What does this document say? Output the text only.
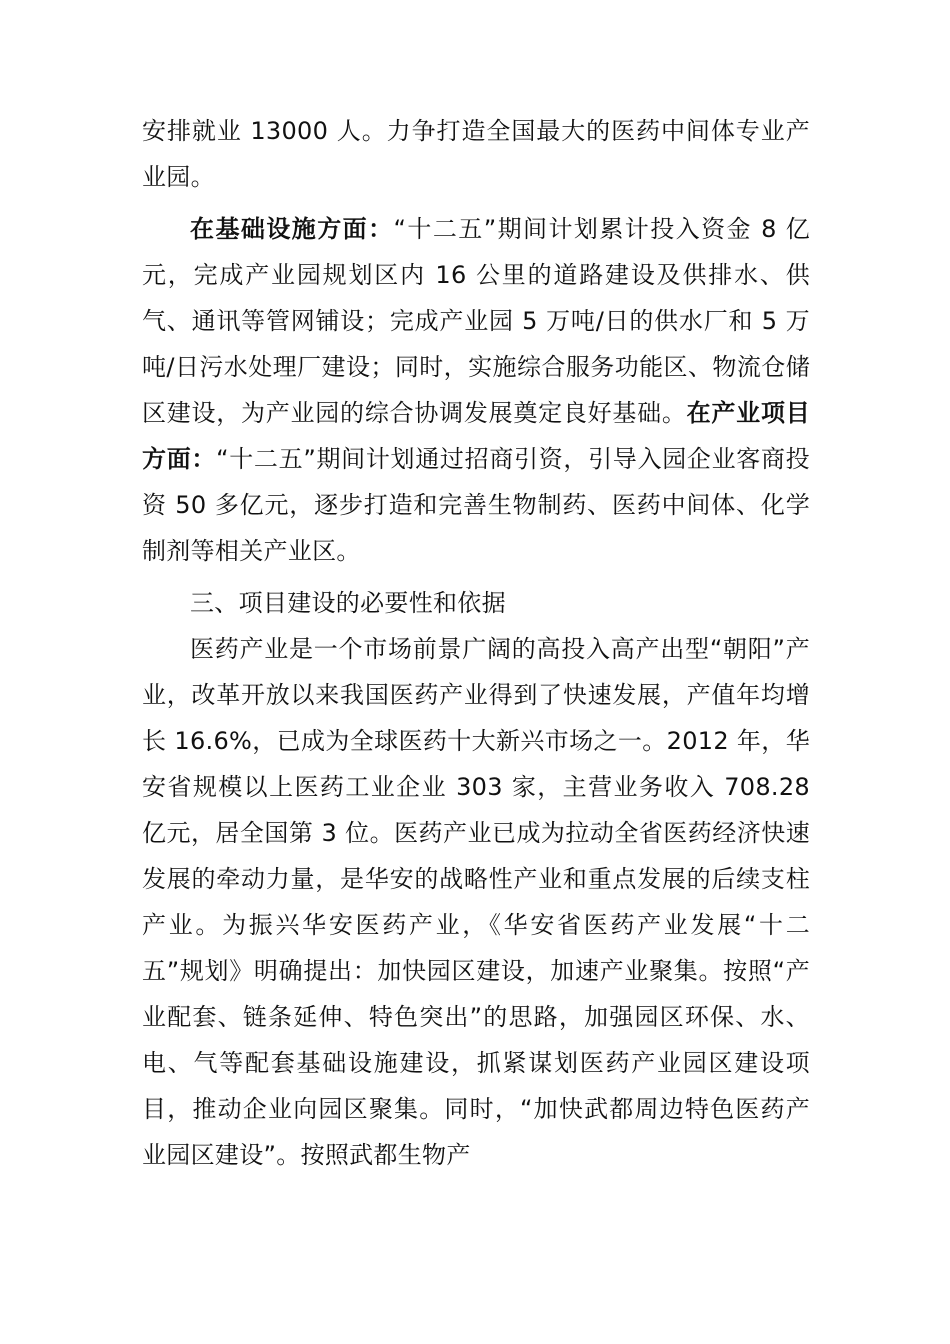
安排就业 13000 人。力争打造全国最大的医药中间体专业产业园。

在基础设施方面：“十二五”期间计划累计投入资金 8 亿元，完成产业园规划区内 16 公里的道路建设及供排水、供气、通讯等管网铺设；完成产业园 5 万吨/日的供水厂和 5 万吨/日污水处理厂建设；同时，实施综合服务功能区、物流仓储区建设，为产业园的综合协调发展奠定良好基础。在产业项目方面：“十二五”期间计划通过招商引资，引导入园企业客商投资 50 多亿元，逐步打造和完善生物制药、医药中间体、化学制剂等相关产业区。

三、项目建设的必要性和依据

医药产业是一个市场前景广阔的高投入高产出型“朝阳”产业，改革开放以来我国医药产业得到了快速发展，产值年均增长 16.6%，已成为全球医药十大新兴市场之一。2012 年，华安省规模以上医药工业企业 303 家，主营业务收入 708.28 亿元，居全国第 3 位。医药产业已成为拉动全省医药经济快速发展的牵动力量，是华安的战略性产业和重点发展的后续支柱产业。为振兴华安医药产业，《华安省医药产业发展“十二五”规划》明确提出：加快园区建设，加速产业聚集。按照“产业配套、链条延伸、特色突出”的思路，加强园区环保、水、电、气等配套基础设施建设，抓紧谋划医药产业园区建设项目，推动企业向园区聚集。同时，“加快武都周边特色医药产业园区建设”。按照武都生物产
